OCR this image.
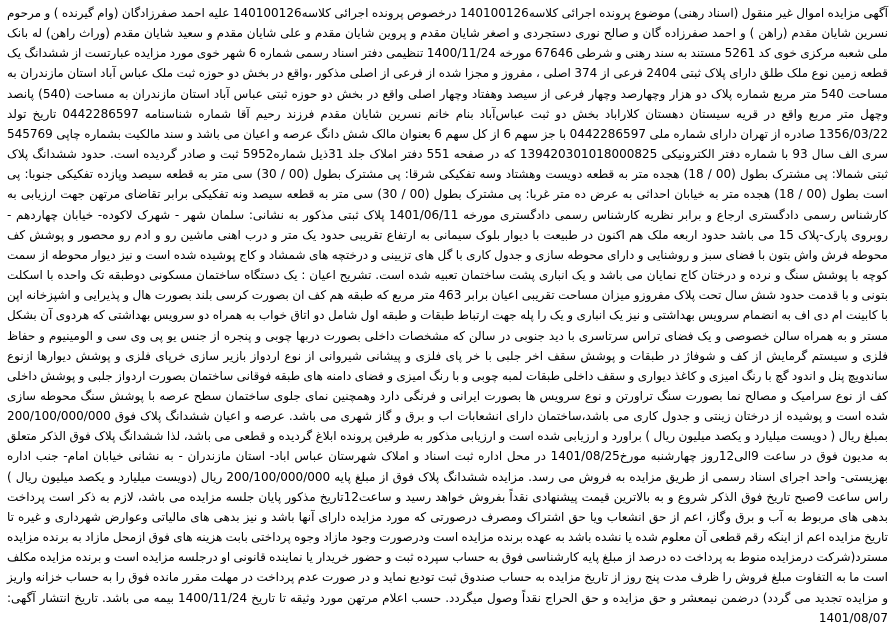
آگهی مزایده اموال غیر منقول (اسناد رهنی) موضوع پرونده اجرائی کلاسه140100126 درخصوص پرونده اجرائی کلاسه140100126 علیه احمد صفرزادگان (وام گیرنده ) و مرحوم نسرین شایان مقدم (راهن ) و احمد صفرزاده گان و صالح نوری دستجردی و اصغر شایان مقدم و پروین شایان مقدم و علی شایان مقدم و سعید شایان مقدم (وراث راهن) له بانک ملی شعبه مرکزی خوی کد 5261 مستند به سند رهنی و شرطی 67646 مورخه 1400/11/24 تنظیمی دفتر اسناد رسمی شماره 6 شهر خوی مورد مزایده عبارتست از ششدانگ یک قطعه زمین نوع ملک طلق دارای پلاک ثبتی 2404 فرعی از 374 اصلی ، مفروز و مجزا شده از فرعی از اصلی مذکور ،واقع در بخش دو حوزه ثبت ملک عباس آباد استان مازندران به مساحت 540 متر مربع شماره پلاک دو هزار وچهارصد وچهار فرعی از سیصد وهفتاد وچهار اصلی واقع در بخش دو حوزه ثبتی عباس آباد استان مازندران به مساحت (540) پانصد وچهل متر مربع واقع در قریه سیستان دهستان کلاراباد بخش دو ثبت عباس‌آباد بنام خانم نسرین شایان مقدم فرزند رحیم آقا شماره شناسنامه 0442286597 تاریخ تولد 1356/03/22 صادره از تهران دارای شماره ملی 0442286597 با جز سهم 6 از کل سهم 6 بعنوان مالک شش دانگ عرصه و اعیان می باشد و سند مالکیت بشماره چاپی 545769 سری الف سال 93 با شماره دفتر الکترونیکی 139420301018000825 که در صفحه 551 دفتر املاک جلد 31ذیل شماره5952 ثبت و صادر گردیده است. حدود ششدانگ پلاک ثبتی شمالا: پی مشترک بطول (00 / 18) هجده متر به قطعه دویست وهشتاد وسه تفکیکی شرقا: پی مشترک بطول (00 / 30) سی متر به قطعه سیصد وپازده تفکیکی جنوبا: پی است بطول (00 / 18) هجده متر به خیابان احداثی به عرض ده متر غربا: پی مشترک بطول (00 / 30) سی متر به قطعه سیصد ونه تفکیکی برابر تقاضای مرتهن جهت ارزیابی به کارشناس رسمی دادگستری ارجاع و برابر نظریه کارشناس رسمی دادگستری مورخه 1401/06/11 پلاک ثبتی مذکور به نشانی: سلمان شهر - شهرک لاکوده- خیابان چهاردهم - روبروی پارک-پلاک 15 می باشد حدود اربعه ملک هم اکنون در طبیعت با دیوار بلوک سیمانی به ارتفاع تقریبی حدود یک متر و درب اهنی ماشین رو و ادم رو محصور و پوشش کف محوطه فرش واش بتون با فضای سبز و روشنایی و دارای محوطه سازی و جدول کاری با گل های تزیینی و درختچه های شمشاد و کاج پوشیده شده است و نیز دیوار محوطه از سمت کوچه با پوشش سنگ و نرده و درختان کاج نمایان می باشد و یک انباری پشت ساختمان تعبیه شده است. تشریح اعیان : یک دستگاه ساختمان مسکونی دوطبقه تک واحده با اسکلت بتونی و با قدمت حدود شش سال تحت پلاک مفروزو میزان مساحت تقریبی اعیان برابر 463 متر مربع که طبقه هم کف ان بصورت کرسی بلند بصورت هال و پذیرایی و اشپزخانه اپن با کابینت ام دی اف به انضمام سرویس بهداشتی و نیز یک انباری و یک را پله جهت ارتباط طبقات و طبقه اول شامل دو اتاق خواب به همراه دو سرویس بهداشتی که هردوی آن بشکل مستر و به همراه سالن خصوصی و یک فضای تراس سرتاسری با دید جنوبی در سالن که مشخصات داخلی بصورت دربها چوبی و پنجره از جنس یو پی وی سی و الومینیوم و حفاظ فلزی و سیستم گرمایش از کف و شوفاژ در طبقات و پوشش سقف اخر جلبی با خر پای فلزی و پیشانی شیروانی از نوع اردواز بازیر سازی خرپای فلزی و پوشش دیوارها ازنوع ساندویچ پنل و اندود گچ با رنگ امیزی و کاغذ دیواری و سقف داخلی طبقات لمبه چوبی و با رنگ امیزی و فضای دامنه های طبقه فوقانی ساختمان بصورت اردواز جلبی و پوشش داخلی کف از نوع سرامیک و مصالح نما بصورت سنگ تراورتن و نوع سرویس ها بصورت ایرانی و فرنگی دارد وهمچنین نمای جلوی ساختمان سطح عرصه با پوشش سنگ محوطه سازی شده است و پوشیده از درختان زینتی و جدول کاری می باشد،ساختمان دارای انشعابات اب و برق و گاز شهری می باشد. عرصه و اعیان ششدانگ پلاک فوق 200/100/000/000 بمبلغ ریال ( دویست میلیارد و یکصد میلیون ریال ) براورد و ارزیابی شده است و ارزیابی مذکور به طرفین پرونده ابلاغ گردیده و قطعی می باشد، لذا ششدانگ پلاک فوق الذکر متعلق به مدیون فوق در ساعت 9الی12روز چهارشنبه مورخ1401/08/25 در محل اداره ثبت اسناد و املاک شهرستان عباس اباد- استان مازندران - به نشانی خیابان امام- جنب اداره بهزیستی- واحد اجرای اسناد رسمی از طریق مزایده به فروش می رسد. مزایده ششدانگ پلاک فوق از مبلغ پایه 200/100/000/000 ریال (دویست میلیارد و یکصد میلیون ریال ) راس ساعت 9صبح تاریخ فوق الذکر شروع و به بالاترین قیمت پیشنهادی نقداً بفروش خواهد رسید و ساعت12تاریخ مذکور پایان جلسه مزایده می باشد، لازم به ذکر است پرداخت بدهی های مربوط به آب و برق وگاز، اعم از حق انشعاب ویا حق اشتراک ومصرف درصورتی که مورد مزایده دارای آنها باشد و نیز بدهی های مالیاتی وعوارض شهرداری و غیره تا تاریخ مزایده اعم از اینکه رقم قطعی آن معلوم شده یا نشده باشد به عهده برنده مزایده است ودرصورت وجود مازاد وجوه پرداختی بابت هزینه های فوق ازمحل مازاد به برنده مزایده مسترد(شرکت درمزایده منوط به پرداخت ده درصد از مبلغ پایه کارشناسی فوق به حساب سپرده ثبت و حضور خریدار یا نماینده قانونی او درجلسه مزایده است و برنده مزایده مکلف است ما به التفاوت مبلغ فروش را ظرف مدت پنج روز از تاریخ مزایده به حساب صندوق ثبت تودیع نماید و در صورت عدم پرداخت در مهلت مقرر مانده فوق را به حساب خزانه واریز و مزایده تجدید می گردد) درضمن نیمعشر و حق مزایده و حق الحراج نقداً وصول میگردد. حسب اعلام مرتهن مورد وثیقه تا تاریخ 1400/11/24 بیمه می باشد. تاریخ انتشار آگهی: 1401/08/07
